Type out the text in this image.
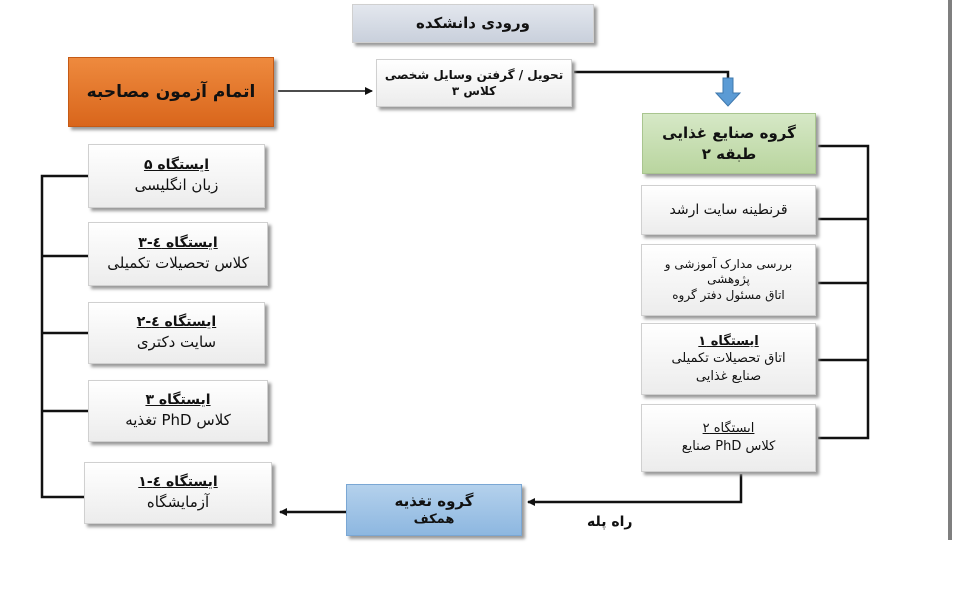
ورودی دانشکده
تحویل / گرفتن وسایل شخصی
کلاس ۳
اتمام آزمون مصاحبه
گروه صنایع غذایی
طبقه ۲
قرنطینه سایت ارشد
بررسی مدارک آموزشی و
پژوهشی
اتاق مسئول دفتر گروه
ایستگاه ۱
اتاق تحصیلات تکمیلی
صنایع غذایی
ایستگاه ۲
کلاس PhD صنایع
راه پله
گروه تغذیه
همکف
ایستگاه ۵
زبان انگلیسی
ایستگاه ٤-۳
کلاس تحصیلات تکمیلی
ایستگاه ٤-۲
سایت دکتری
ایستگاه ۳
کلاس PhD تغذیه
ایستگاه ٤-۱
آزمایشگاه
